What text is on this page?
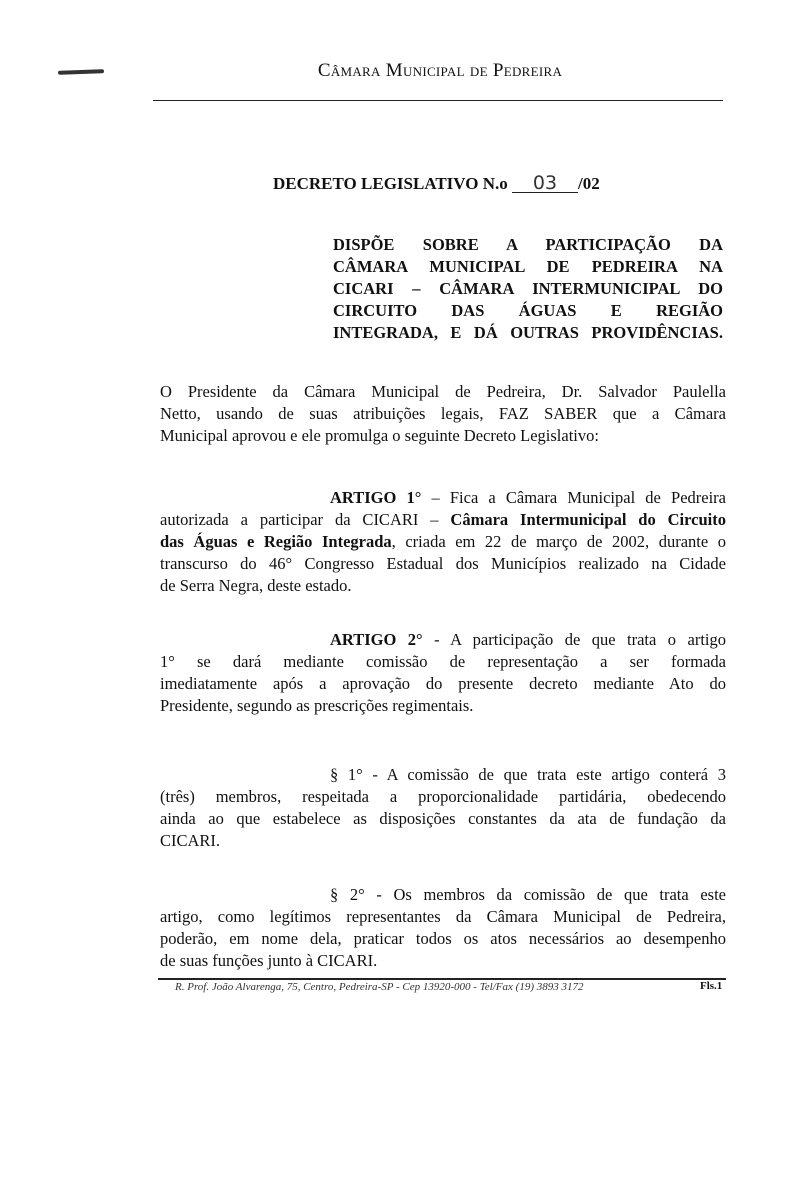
Câmara Municipal de Pedreira
DECRETO LEGISLATIVO N.o 03 /02
DISPÕE SOBRE A PARTICIPAÇÃO DA
CÂMARA MUNICIPAL DE PEDREIRA NA
CICARI – CÂMARA INTERMUNICIPAL DO
CIRCUITO DAS ÁGUAS E REGIÃO
INTEGRADA, E DÁ OUTRAS PROVIDÊNCIAS.
O Presidente da Câmara Municipal de Pedreira, Dr. Salvador Paulella
Netto, usando de suas atribuições legais, FAZ SABER que a Câmara
Municipal aprovou e ele promulga o seguinte Decreto Legislativo:
ARTIGO 1° – Fica a Câmara Municipal de Pedreira
autorizada a participar da CICARI – Câmara Intermunicipal do Circuito
das Águas e Região Integrada, criada em 22 de março de 2002, durante o
transcurso do 46° Congresso Estadual dos Municípios realizado na Cidade
de Serra Negra, deste estado.
ARTIGO 2° - A participação de que trata o artigo
1° se dará mediante comissão de representação a ser formada
imediatamente após a aprovação do presente decreto mediante Ato do
Presidente, segundo as prescrições regimentais.
§ 1° - A comissão de que trata este artigo conterá 3
(três) membros, respeitada a proporcionalidade partidária, obedecendo
ainda ao que estabelece as disposições constantes da ata de fundação da
CICARI.
§ 2° - Os membros da comissão de que trata este
artigo, como legítimos representantes da Câmara Municipal de Pedreira,
poderão, em nome dela, praticar todos os atos necessários ao desempenho
de suas funções junto à CICARI.
R. Prof. João Alvarenga, 75, Centro, Pedreira-SP - Cep 13920-000 - Tel/Fax (19) 3893 3172	Fls.1
